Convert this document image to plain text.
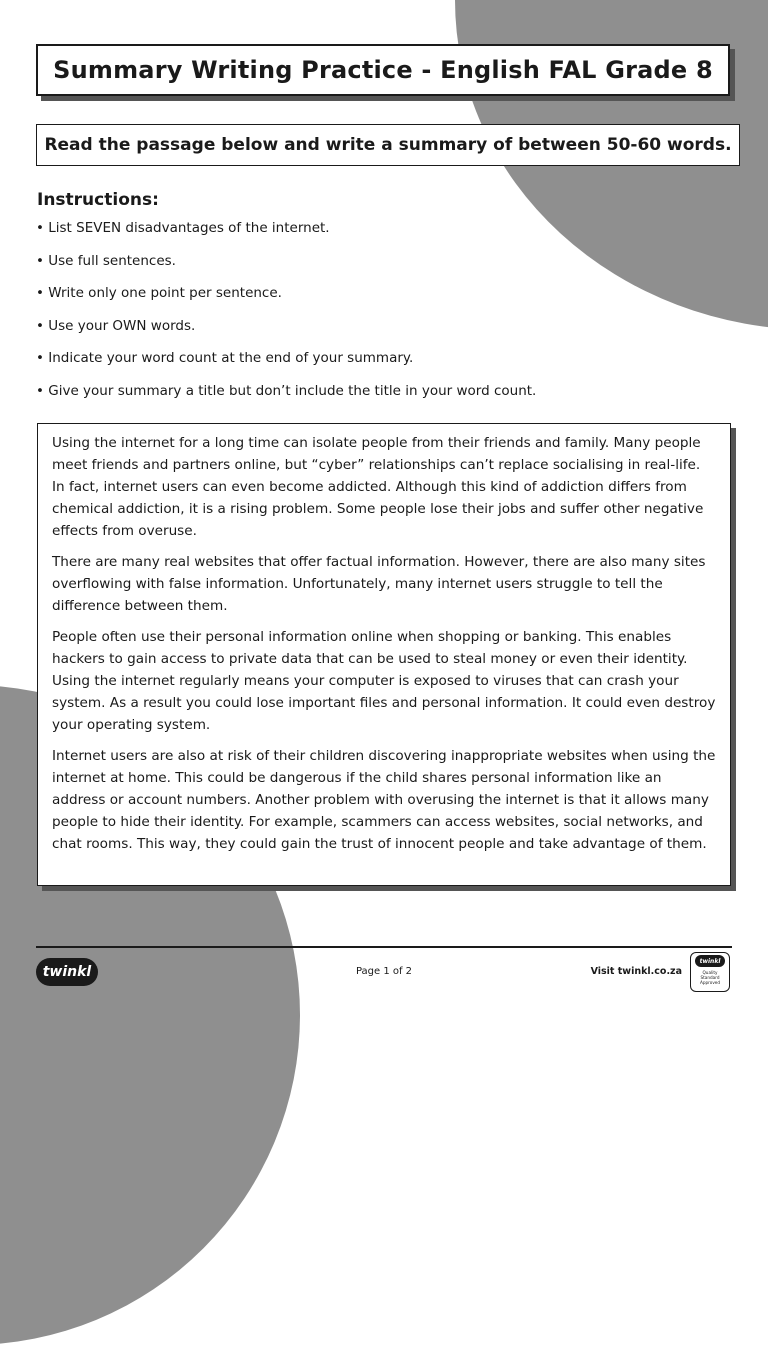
Summary Writing Practice - English FAL Grade 8
Read the passage below and write a summary of between 50-60 words.
Instructions:
• List SEVEN disadvantages of the internet.
• Use full sentences.
• Write only one point per sentence.
• Use your OWN words.
• Indicate your word count at the end of your summary.
• Give your summary a title but don’t include the title in your word count.

Using the internet for a long time can isolate people from their friends and family. Many people meet friends and partners online, but “cyber” relationships can’t replace socialising in real-life. In fact, internet users can even become addicted. Although this kind of addiction differs from chemical addiction, it is a rising problem. Some people lose their jobs and suffer other negative effects from overuse.

There are many real websites that offer factual information. However, there are also many sites overflowing with false information. Unfortunately, many internet users struggle to tell the difference between them.

People often use their personal information online when shopping or banking. This enables hackers to gain access to private data that can be used to steal money or even their identity. Using the internet regularly means your computer is exposed to viruses that can crash your system. As a result you could lose important files and personal information. It could even destroy your operating system.

Internet users are also at risk of their children discovering inappropriate websites when using the internet at home. This could be dangerous if the child shares personal information like an address or account numbers. Another problem with overusing the internet is that it allows many people to hide their identity. For example, scammers can access websites, social networks, and chat rooms. This way, they could gain the trust of innocent people and take advantage of them.

twinkl	Page 1 of 2	Visit twinkl.co.za
twinkl
Quality Standard Approved
